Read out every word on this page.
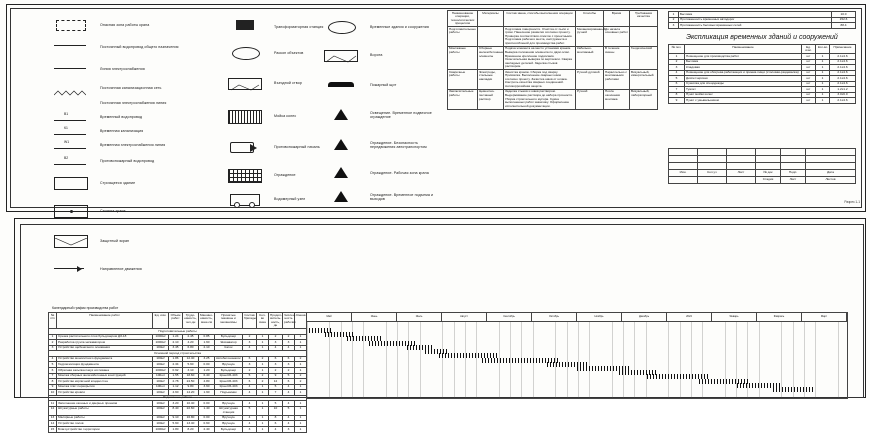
Опасная зона работы крана
Постоянный водопровод общего назначения
Линия электроснабжения
Постоянная канализационная сеть
Постоянная электроснабжения линия
В1
Временный водопровод
К1
Временная канализация
W1
Временная электроснабжения линия
В2
Противопожарный водопровод
Строящееся здание
Стоянка крана
Защитный экран
Направление движения
Трансформаторная станция
Раскоп объектов
Въездной створ
Мойка колес
Противопожарный началь
Ограждение
Водомерный узел
Временные здания и сооружения
Ворота
Пожарный щит
Освещение. Временное подвесное ограждение
Ограждение. Безопасность передвижения автотранспортом
Ограждение. Рабочая зона крана
Ограждение. Временное подъема и выходов
Наименование операции, технологических процессов	Материалы	Состав звена, способы выполнения операции	Способы	Время	Требования качества
Подготовительные работы		Подготовка поверхности. Очистка от пыли и грязи. Нанесение разметки согласно проекту. Проверка соответствия отметок с проектными. Подготовка рабочего места, инструмента и приспособлений для производства работ.	Механизированный, ручной	До начала основных работ	
Монтажные работы	Сборные железобетонные элементы	Подача элемента на место установки краном. Выверка положения элемента по двум осям. Временное крепление подкосами. Окончательная выверка по вертикали. Сварка закладных деталей. Заделка стыков раствором.	Кабельно-монтажный	В течение смены	Геодезический
Сварочные работы	Электроды, стальные накладки	Зачистка кромок. Сборка под сварку. Прихватка. Выполнение сварных швов согласно проекту. Зачистка швов от шлака. Контроль качества сварных соединений. Антикоррозийная защита.	Ручной дуговой	Параллельно с монтажными работами	Визуальный, измерительный
Заключительные работы	Цементно-песчаный раствор	Заделка стыков и швов раствором. Выдерживание раствора до набора прочности. Уборка строительного мусора. Сдача выполненных работ заказчику. Оформление исполнительной документации.	Ручной	После окончания монтажа	Визуальный, лабораторный
1	Бытовка	10.0
2	Протяженность временных автодорог	152.6
3	Протяженность бытовых временных сетей	88.4
Экспликация временных зданий и сооружений
№ поз.	Наименование	Ед. изм.	Кол-во	Примечание
1	Помещение для производства работ	шт	1	2.1х4.6
2	Бытовка	шт	1	2.1х4.6
3	Кладовая	шт	1	2.1х4.6
4	Помещение для обогрева работающих и приема пищи (столовая-раздевалка)	шт	1	2.1х4.6
5	Диспетчерская	шт	1	2.1х4.6
6	Сушилка для спецодежды	шт	1	2.1х4.6
7	Туалет	шт	1	1.2х1.2
8	Пункт мойки колес	шт	1	3.0х6.0
9	Пункт с умывальником	шт	1	2.1х4.6

Изм.	Кол.уч	Лист	№ док	Подп.	Дата
			Стадия	Лист	Листов
Разрез 1-1
Календарный график производства работ
№ п/п	Наименование работ	Ед. изм.	Объем работ	Трудо-емкость, чел-дн	Машино-емкость, маш-см	Принятые машины и механизмы	Состав бригады	Кол-во смен	Продол-житель-ность, дн	Числен-ность рабочих	Смена
Подготовительные работы											
1	Срезка растительного слоя бульдозером ДЗ-18	1000м²	1.24	2.45	0.85	Бульдозер	2	1	2	2	1
2	Разработка грунта экскаватором	1000м³	2.10	4.20	1.60	Экскаватор	3	1	3	3	1
3	Устройство щебеночного основания	100м²	3.45	6.80	2.10	Каток	4	1	4	4	1
Основной период строительства											
4	Устройство монолитного фундамента	100м³	1.86	12.40	3.25	Автобетононасос	6	2	6	6	2
5	Гидроизоляция фундамента	100м²	2.34	5.60	0.00	Вручную	3	1	3	3	1
6	Обратная засыпка пазух котлована	1000м³	0.92	3.10	1.20	Бульдозер	2	1	2	2	1
7	Монтаж сборных железобетонных конструкций	100шт	1.55	18.60	6.40	Кран КБ-403	5	2	9	5	2
8	Устройство кирпичной кладки стен	100м³	2.78	24.50	4.80	Кран КБ-403	6	2	12	6	2
9	Монтаж плит перекрытия	100шт	1.12	9.80	3.60	Кран КБ-403	4	1	5	4	1
10	Устройство кровли	100м²	4.60	14.20	1.90	Подъемник	4	1	7	4	1
Отделочные работы											
11	Заполнение оконных и дверных проемов	100м²	3.20	10.40	0.00	Вручную	4	1	5	4	1
12	Штукатурные работы	100м²	8.40	22.60	1.40	Штукатурная станция	5	1	10	5	1
13	Малярные работы	100м²	9.10	16.80	0.00	Вручную	4	1	8	4	1
14	Устройство полов	100м²	5.60	13.40	0.60	Вручную	4	1	6	4	1
15	Благоустройство территории	1000м²	1.80	8.20	2.40	Бульдозер	3	1	4	3	1
Май	Июнь	Июль	Август	Сентябрь	Октябрь	Ноябрь	Декабрь	2024	Январь	Февраль	Март
